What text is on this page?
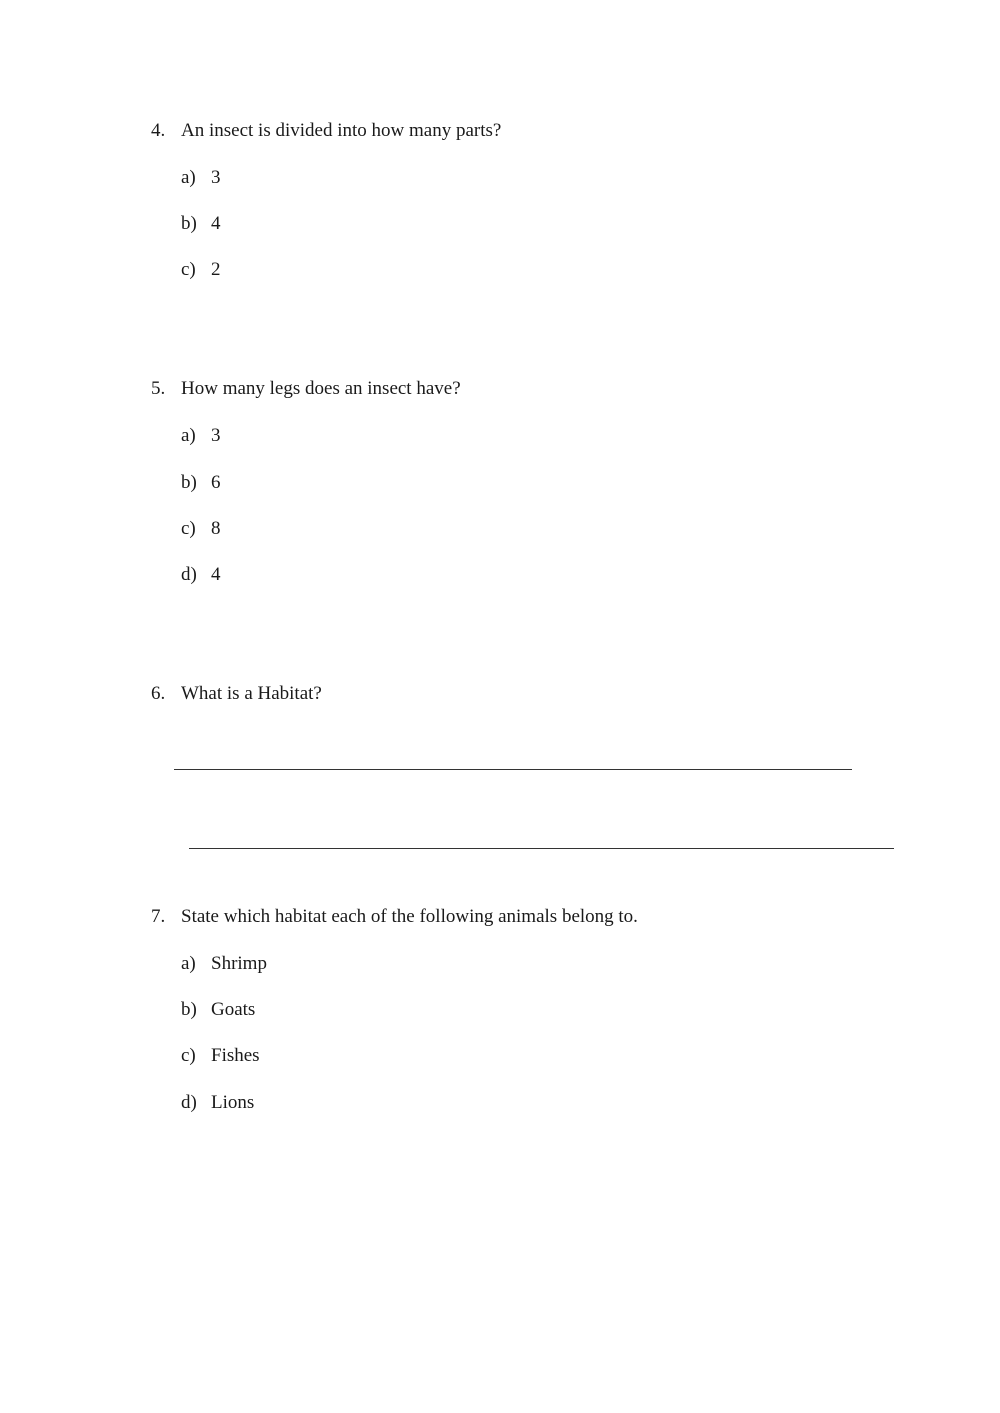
4. An insect is divided into how many parts?
a) 3
b) 4
c) 2
5. How many legs does an insect have?
a) 3
b) 6
c) 8
d) 4
6. What is a Habitat?
7. State which habitat each of the following animals belong to.
a) Shrimp
b) Goats
c) Fishes
d) Lions
